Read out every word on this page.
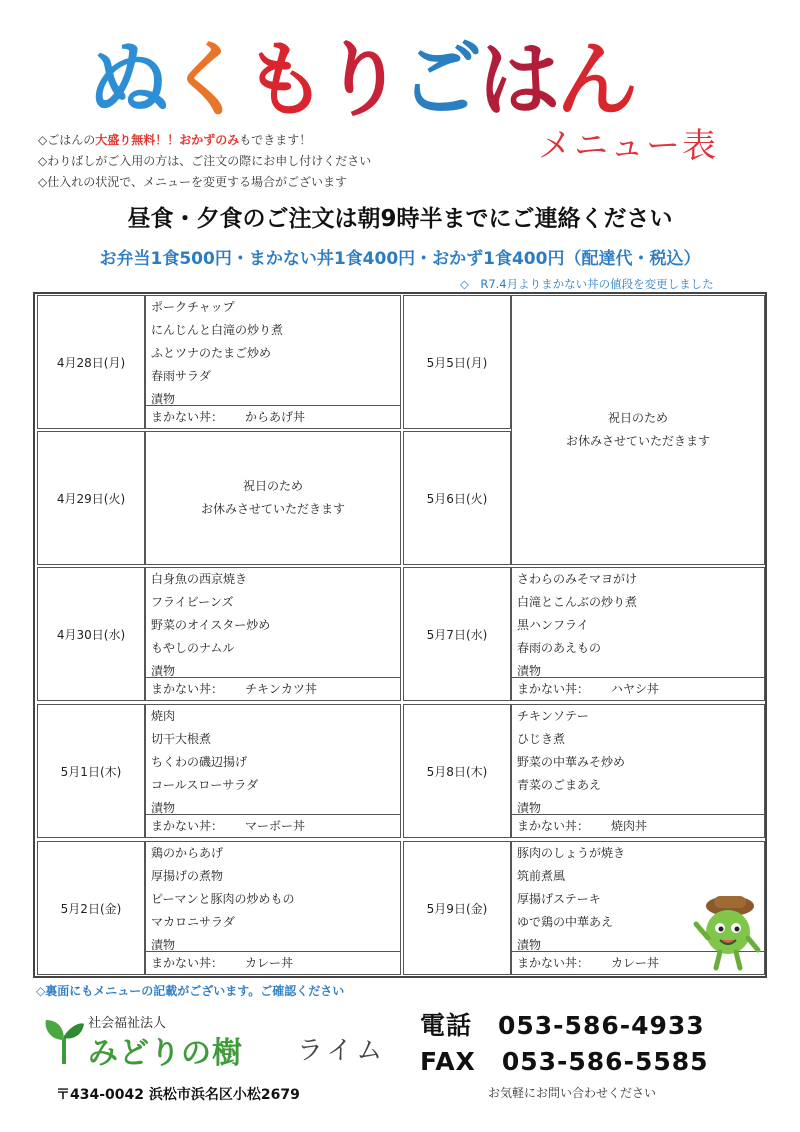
ぬ
く
も
り
ご
は
ん
メニュー表
◇ごはんの大盛り無料！！おかずのみもできます！
◇わりばしがご入用の方は、ご注文の際にお申し付けください
◇仕入れの状況で、メニューを変更する場合がございます
昼食・夕食のご注文は朝9時半までにご連絡ください
お弁当1食500円・まかない丼1食400円・おかず1食400円（配達代・税込）
◇　R7.4月よりまかない丼の値段を変更しました
4月28日(月)
ポークチャップ
にんじんと白滝の炒り煮
ふとツナのたまご炒め
春雨サラダ
漬物
まかない丼： からあげ丼
4月29日(火)
祝日のため
お休みさせていただきます
4月30日(水)
白身魚の西京焼き
フライビーンズ
野菜のオイスター炒め
もやしのナムル
漬物
まかない丼： チキンカツ丼
5月1日(木)
焼肉
切干大根煮
ちくわの磯辺揚げ
コールスローサラダ
漬物
まかない丼： マーボー丼
5月2日(金)
鶏のからあげ
厚揚げの煮物
ピーマンと豚肉の炒めもの
マカロニサラダ
漬物
まかない丼： カレー丼
5月5日(月)
祝日のため
お休みさせていただきます
5月6日(火)
5月7日(水)
さわらのみそマヨがけ
白滝とこんぶの炒り煮
黒ハンフライ
春雨のあえもの
漬物
まかない丼： ハヤシ丼
5月8日(木)
チキンソテー
ひじき煮
野菜の中華みそ炒め
青菜のごまあえ
漬物
まかない丼： 焼肉丼
5月9日(金)
豚肉のしょうが焼き
筑前煮風
厚揚げステーキ
ゆで鶏の中華あえ
漬物
まかない丼： カレー丼
◇裏面にもメニューの記載がございます。ご確認ください
社会福祉法人
みどりの樹 ライム
電話　053-586-4933
FAX　053-586-5585
〒434-0042 浜松市浜名区小松2679	お気軽にお問い合わせください
